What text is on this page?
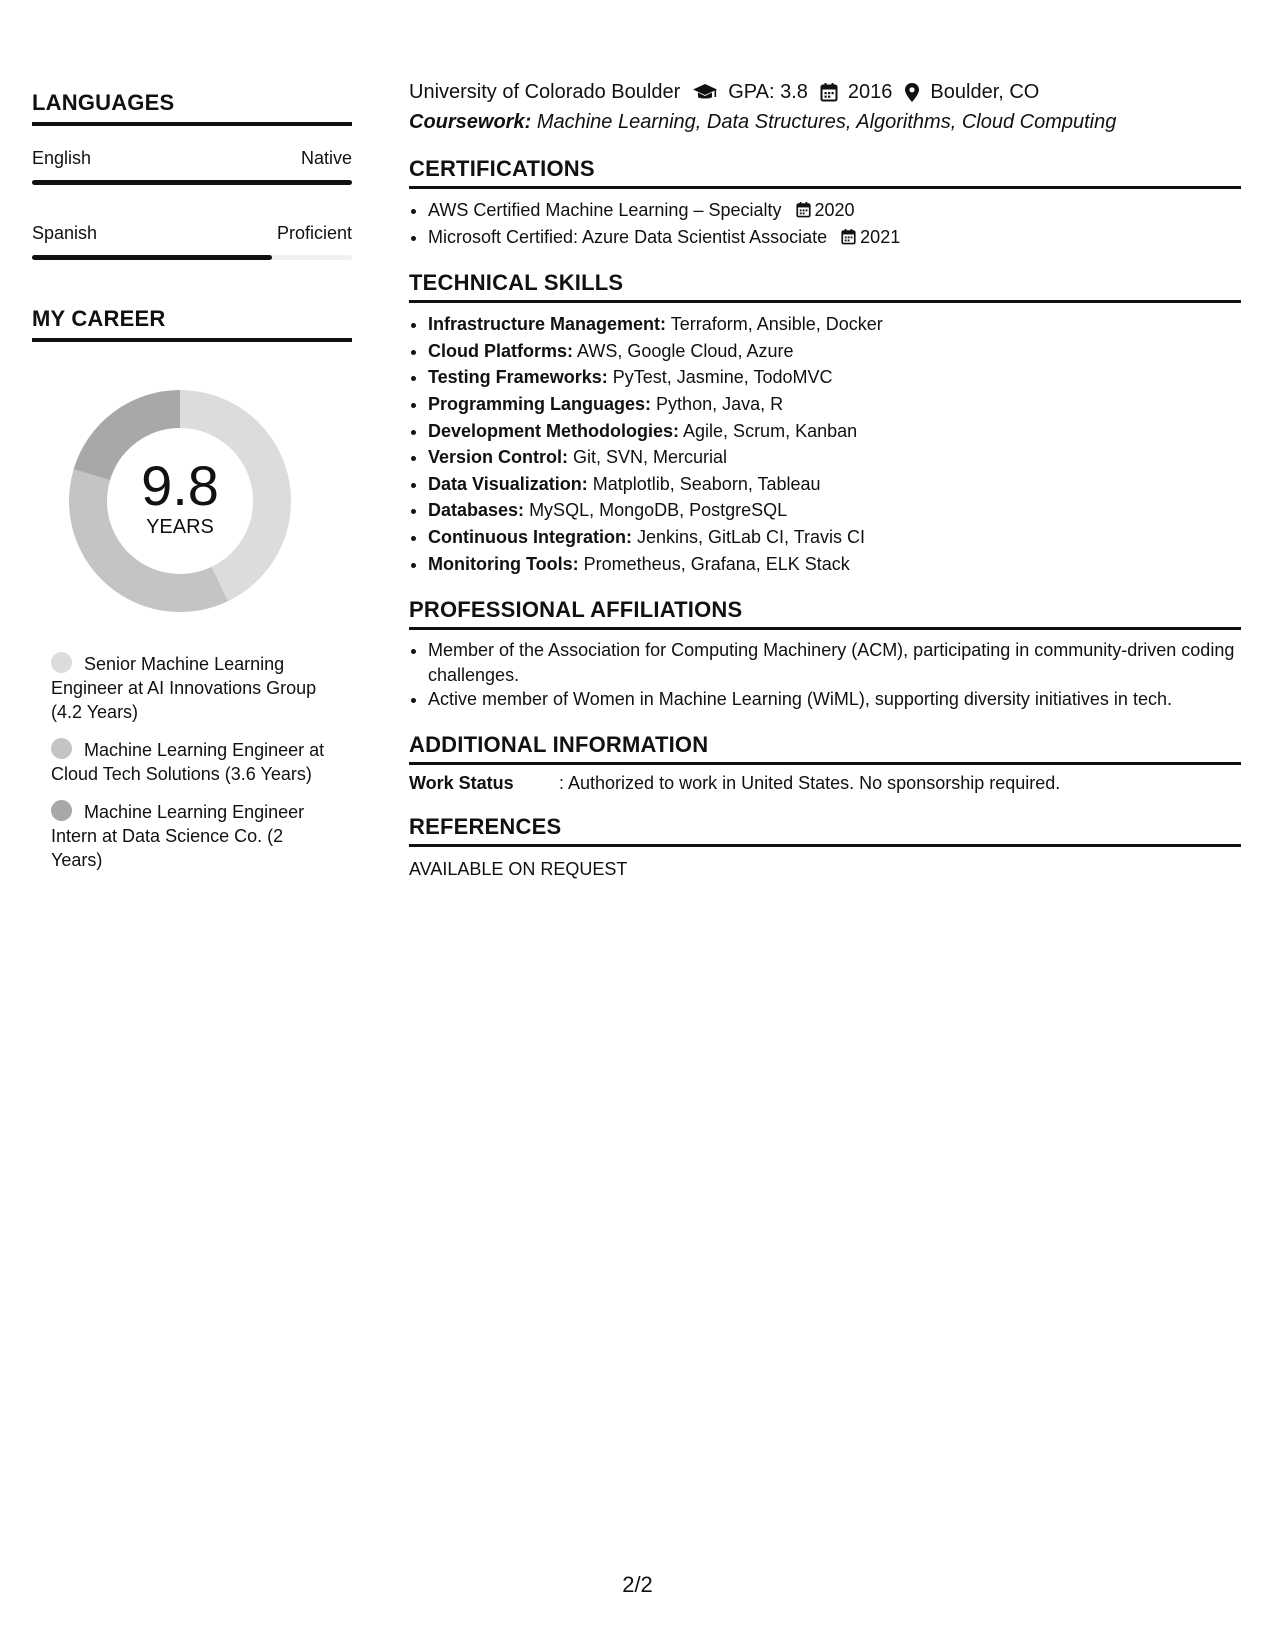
LANGUAGES
English	Native
Spanish	Proficient
MY CAREER
9.8
YEARS
Senior Machine Learning Engineer at AI Innovations Group (4.2 Years)
Machine Learning Engineer at Cloud Tech Solutions (3.6 Years)
Machine Learning Engineer Intern at Data Science Co. (2 Years)
University of Colorado Boulder GPA: 3.8 2016 Boulder, CO
Coursework: Machine Learning, Data Structures, Algorithms, Cloud Computing
CERTIFICATIONS
• AWS Certified Machine Learning – Specialty 2020
• Microsoft Certified: Azure Data Scientist Associate 2021
TECHNICAL SKILLS
• Infrastructure Management: Terraform, Ansible, Docker
• Cloud Platforms: AWS, Google Cloud, Azure
• Testing Frameworks: PyTest, Jasmine, TodoMVC
• Programming Languages: Python, Java, R
• Development Methodologies: Agile, Scrum, Kanban
• Version Control: Git, SVN, Mercurial
• Data Visualization: Matplotlib, Seaborn, Tableau
• Databases: MySQL, MongoDB, PostgreSQL
• Continuous Integration: Jenkins, GitLab CI, Travis CI
• Monitoring Tools: Prometheus, Grafana, ELK Stack
PROFESSIONAL AFFILIATIONS
• Member of the Association for Computing Machinery (ACM), participating in community-driven coding challenges.
• Active member of Women in Machine Learning (WiML), supporting diversity initiatives in tech.
ADDITIONAL INFORMATION
Work Status	: Authorized to work in United States. No sponsorship required.
REFERENCES
AVAILABLE ON REQUEST
2/2
